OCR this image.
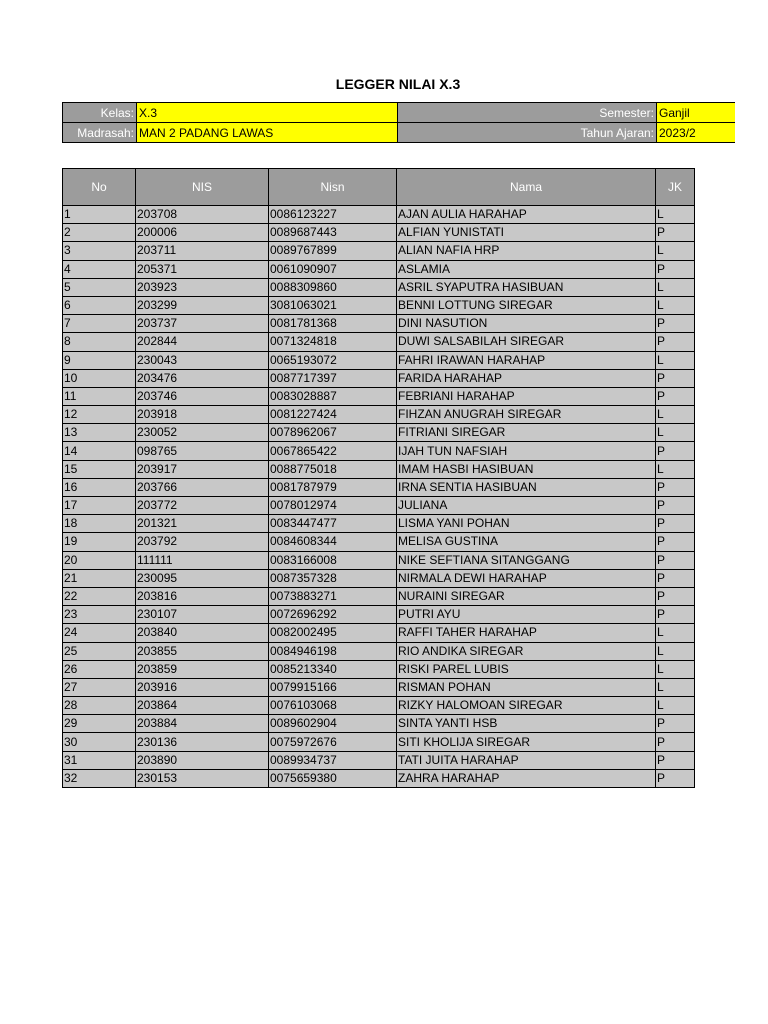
LEGGER NILAI X.3
Kelas:	X.3	Semester:	Ganjil
Madrasah:	MAN 2 PADANG LAWAS	Tahun Ajaran:	2023/2
No	NIS	Nisn	Nama	JK
1	203708	0086123227	AJAN AULIA HARAHAP	L
2	200006	0089687443	ALFIAN YUNISTATI	P
3	203711	0089767899	ALIAN NAFIA HRP	L
4	205371	0061090907	ASLAMIA	P
5	203923	0088309860	ASRIL SYAPUTRA HASIBUAN	L
6	203299	3081063021	BENNI LOTTUNG SIREGAR	L
7	203737	0081781368	DINI NASUTION	P
8	202844	0071324818	DUWI SALSABILAH SIREGAR	P
9	230043	0065193072	FAHRI IRAWAN HARAHAP	L
10	203476	0087717397	FARIDA HARAHAP	P
11	203746	0083028887	FEBRIANI HARAHAP	P
12	203918	0081227424	FIHZAN ANUGRAH SIREGAR	L
13	230052	0078962067	FITRIANI SIREGAR	L
14	098765	0067865422	IJAH TUN NAFSIAH	P
15	203917	0088775018	IMAM HASBI HASIBUAN	L
16	203766	0081787979	IRNA SENTIA HASIBUAN	P
17	203772	0078012974	JULIANA	P
18	201321	0083447477	LISMA YANI POHAN	P
19	203792	0084608344	MELISA GUSTINA	P
20	111111	0083166008	NIKE SEFTIANA SITANGGANG	P
21	230095	0087357328	NIRMALA DEWI HARAHAP	P
22	203816	0073883271	NURAINI SIREGAR	P
23	230107	0072696292	PUTRI AYU	P
24	203840	0082002495	RAFFI TAHER HARAHAP	L
25	203855	0084946198	RIO ANDIKA SIREGAR	L
26	203859	0085213340	RISKI PAREL LUBIS	L
27	203916	0079915166	RISMAN POHAN	L
28	203864	0076103068	RIZKY HALOMOAN SIREGAR	L
29	203884	0089602904	SINTA YANTI HSB	P
30	230136	0075972676	SITI KHOLIJA SIREGAR	P
31	203890	0089934737	TATI JUITA HARAHAP	P
32	230153	0075659380	ZAHRA HARAHAP	P
